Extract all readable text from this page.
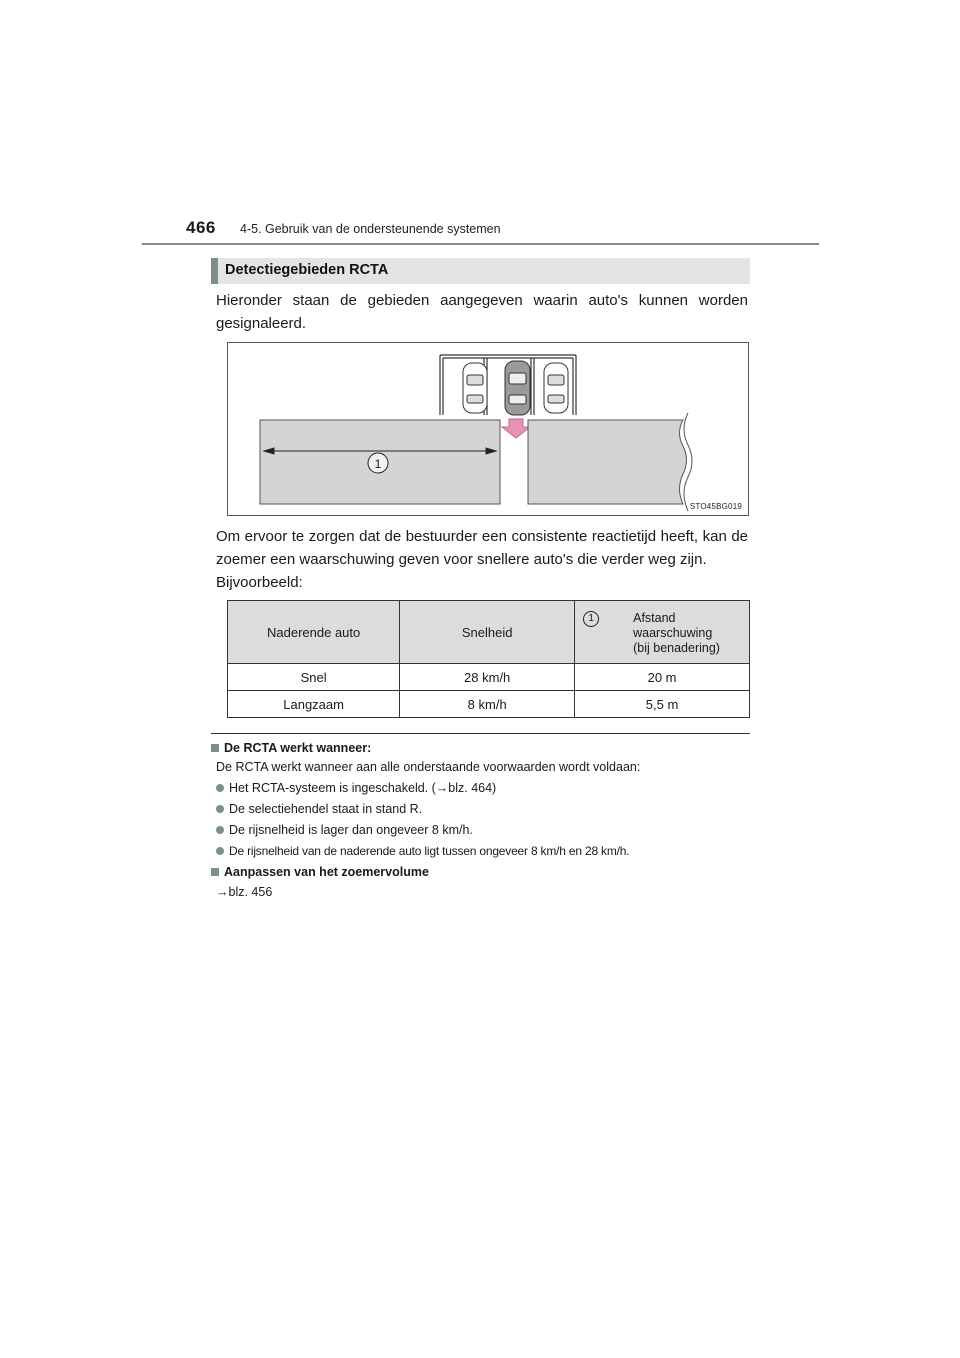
466 4-5. Gebruik van de ondersteunende systemen
Detectiegebieden RCTA
Hieronder staan de gebieden aangegeven waarin auto's kunnen worden gesignaleerd.
1
STO45BG019
Om ervoor te zorgen dat de bestuurder een consistente reactietijd heeft, kan de zoemer een waarschuwing geven voor snellere auto's die verder weg zijn.
Bijvoorbeeld:
Naderende auto	Snelheid	1 Afstand
waarschuwing
(bij benadering)

Snel	28 km/h	20 m
Langzaam	8 km/h	5,5 m
De RCTA werkt wanneer:
De RCTA werkt wanneer aan alle onderstaande voorwaarden wordt voldaan:
Het RCTA-systeem is ingeschakeld. (→blz. 464)
De selectiehendel staat in stand R.
De rijsnelheid is lager dan ongeveer 8 km/h.
De rijsnelheid van de naderende auto ligt tussen ongeveer 8 km/h en 28 km/h.
Aanpassen van het zoemervolume
→blz. 456
